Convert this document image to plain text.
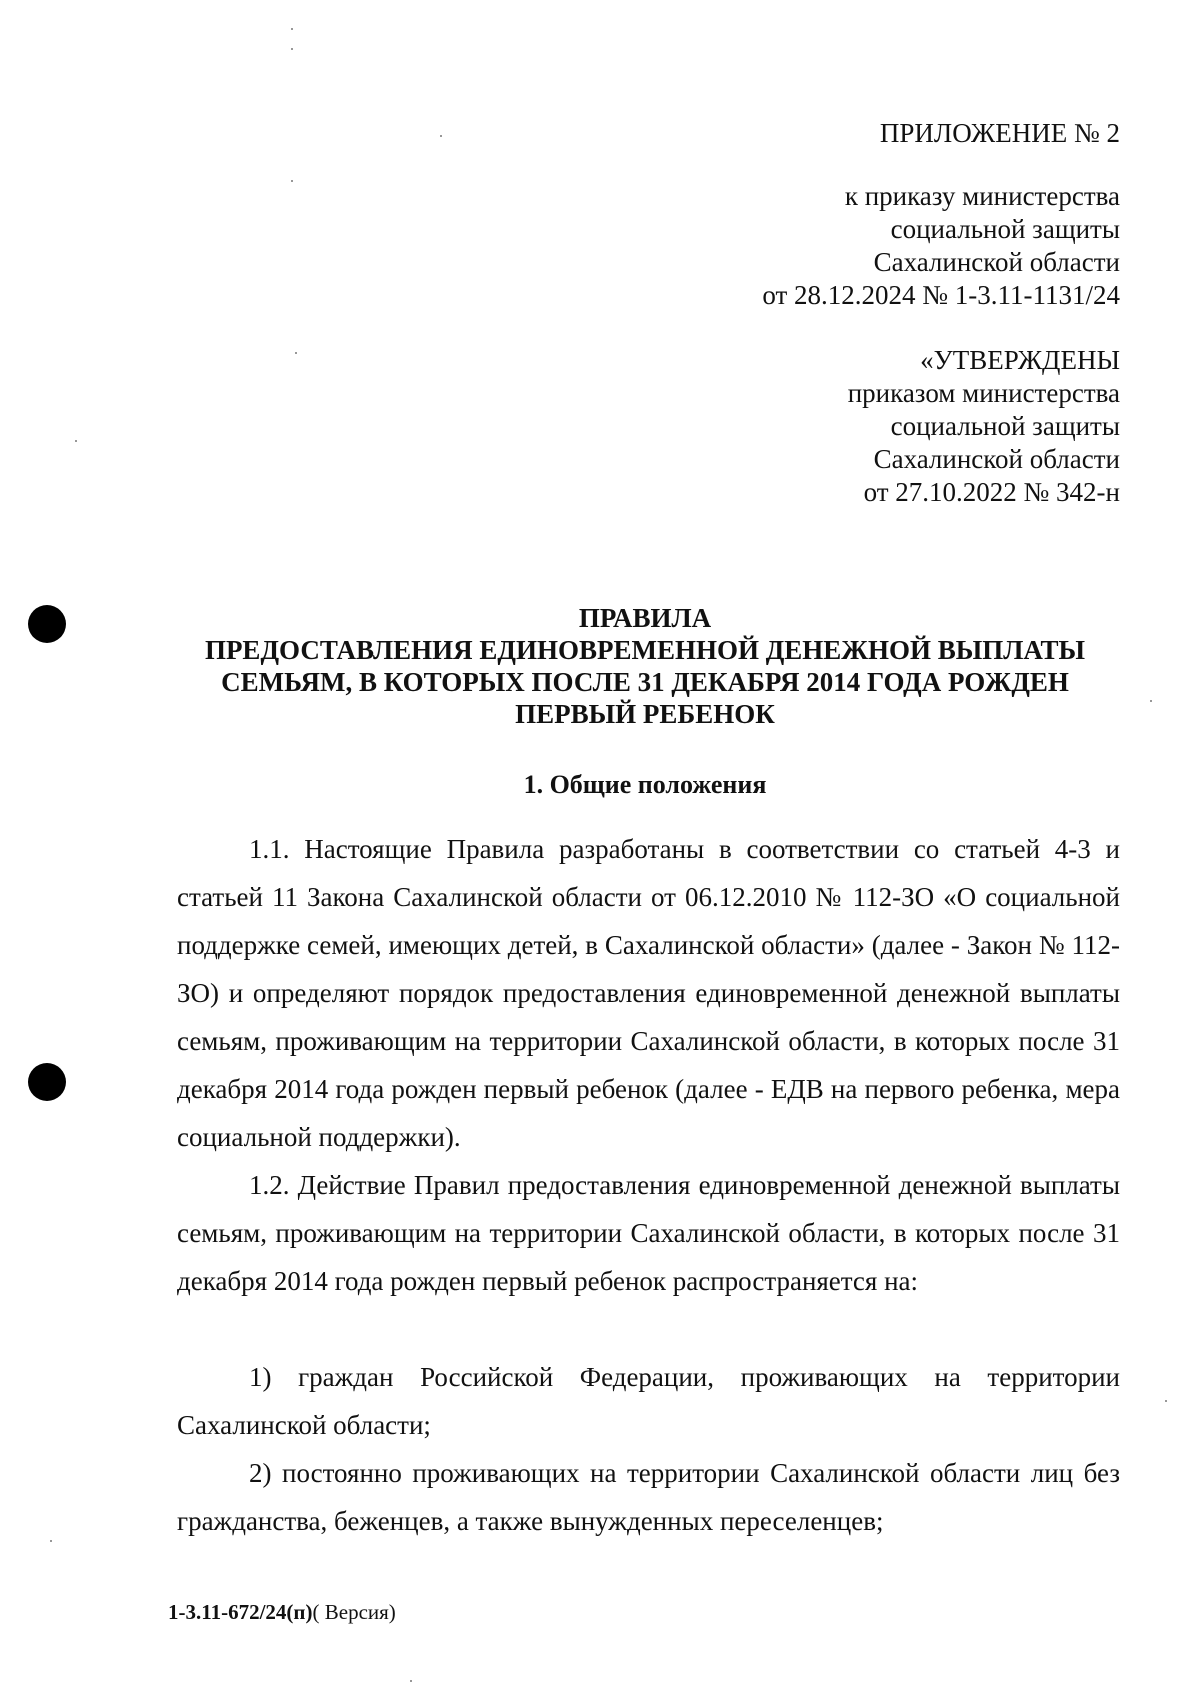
ПРИЛОЖЕНИЕ № 2
к приказу министерства
социальной защиты
Сахалинской области
от 28.12.2024 № 1-3.11-1131/24
«УТВЕРЖДЕНЫ
приказом министерства
социальной защиты
Сахалинской области
от 27.10.2022 № 342-н
ПРАВИЛА
ПРЕДОСТАВЛЕНИЯ ЕДИНОВРЕМЕННОЙ ДЕНЕЖНОЙ ВЫПЛАТЫ
СЕМЬЯМ, В КОТОРЫХ ПОСЛЕ 31 ДЕКАБРЯ 2014 ГОДА РОЖДЕН
ПЕРВЫЙ РЕБЕНОК
1. Общие положения
1.1. Настоящие Правила разработаны в соответствии со статьей 4-3 и статьей 11 Закона Сахалинской области от 06.12.2010 № 112-ЗО «О социальной поддержке семей, имеющих детей, в Сахалинской области» (далее - Закон № 112-ЗО) и определяют порядок предоставления единовременной денежной выплаты семьям, проживающим на территории Сахалинской области, в которых после 31 декабря 2014 года рожден первый ребенок (далее - ЕДВ на первого ребенка, мера социальной поддержки).
1.2. Действие Правил предоставления единовременной денежной выплаты семьям, проживающим на территории Сахалинской области, в которых после 31 декабря 2014 года рожден первый ребенок распространяется на:
1) граждан Российской Федерации, проживающих на территории Сахалинской области;
2) постоянно проживающих на территории Сахалинской области лиц без гражданства, беженцев, а также вынужденных переселенцев;
1-3.11-672/24(п)( Версия)
